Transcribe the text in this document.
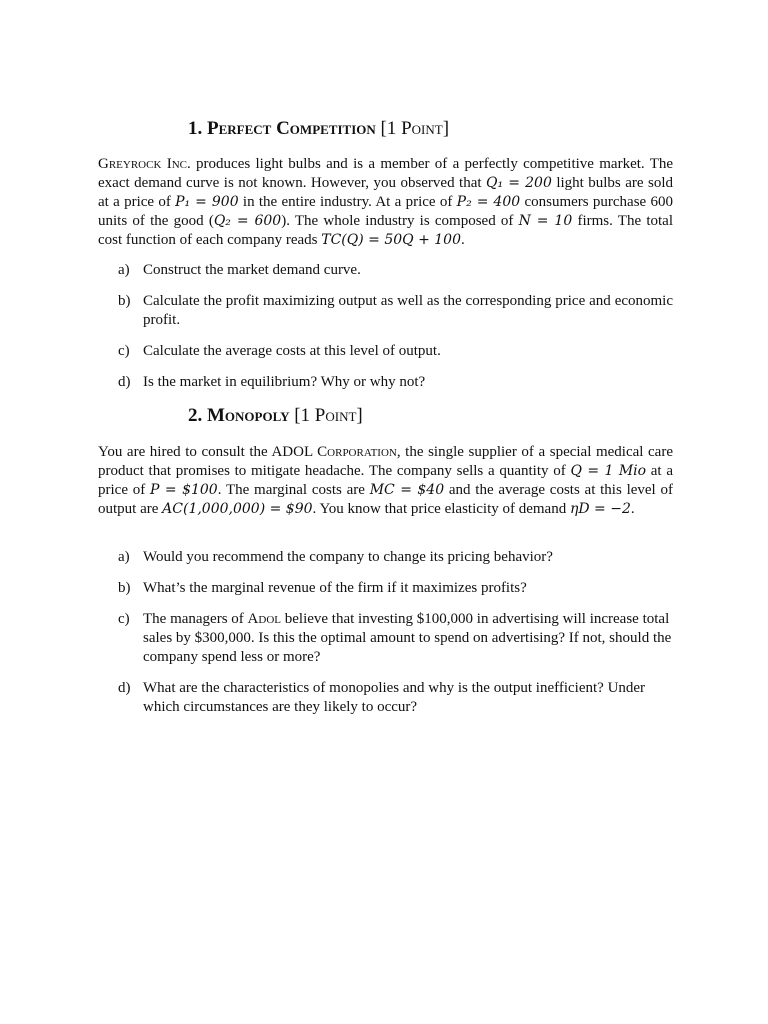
1. Perfect Competition [1 Point]

Greyrock Inc. produces light bulbs and is a member of a perfectly competitive market. The exact demand curve is not known. However, you observed that Q₁ = 200 light bulbs are sold at a price of P₁ = 900 in the entire industry. At a price of P₂ = 400 consumers purchase 600 units of the good (Q₂ = 600). The whole industry is composed of N = 10 firms. The total cost function of each company reads TC(Q) = 50Q + 100.

a) Construct the market demand curve.
b) Calculate the profit maximizing output as well as the corresponding price and economic profit.
c) Calculate the average costs at this level of output.
d) Is the market in equilibrium? Why or why not?
2. Monopoly [1 Point]

You are hired to consult the ADOL Corporation, the single supplier of a special medical care product that promises to mitigate headache. The company sells a quantity of Q = 1 Mio at a price of P = $100. The marginal costs are MC = $40 and the average costs at this level of output are AC(1,000,000) = $90. You know that price elasticity of demand ηD = −2.

a) Would you recommend the company to change its pricing behavior?
b) What’s the marginal revenue of the firm if it maximizes profits?
c) The managers of Adol believe that investing $100,000 in advertising will increase total sales by $300,000. Is this the optimal amount to spend on advertising? If not, should the company spend less or more?
d) What are the characteristics of monopolies and why is the output inefficient? Under which circumstances are they likely to occur?
